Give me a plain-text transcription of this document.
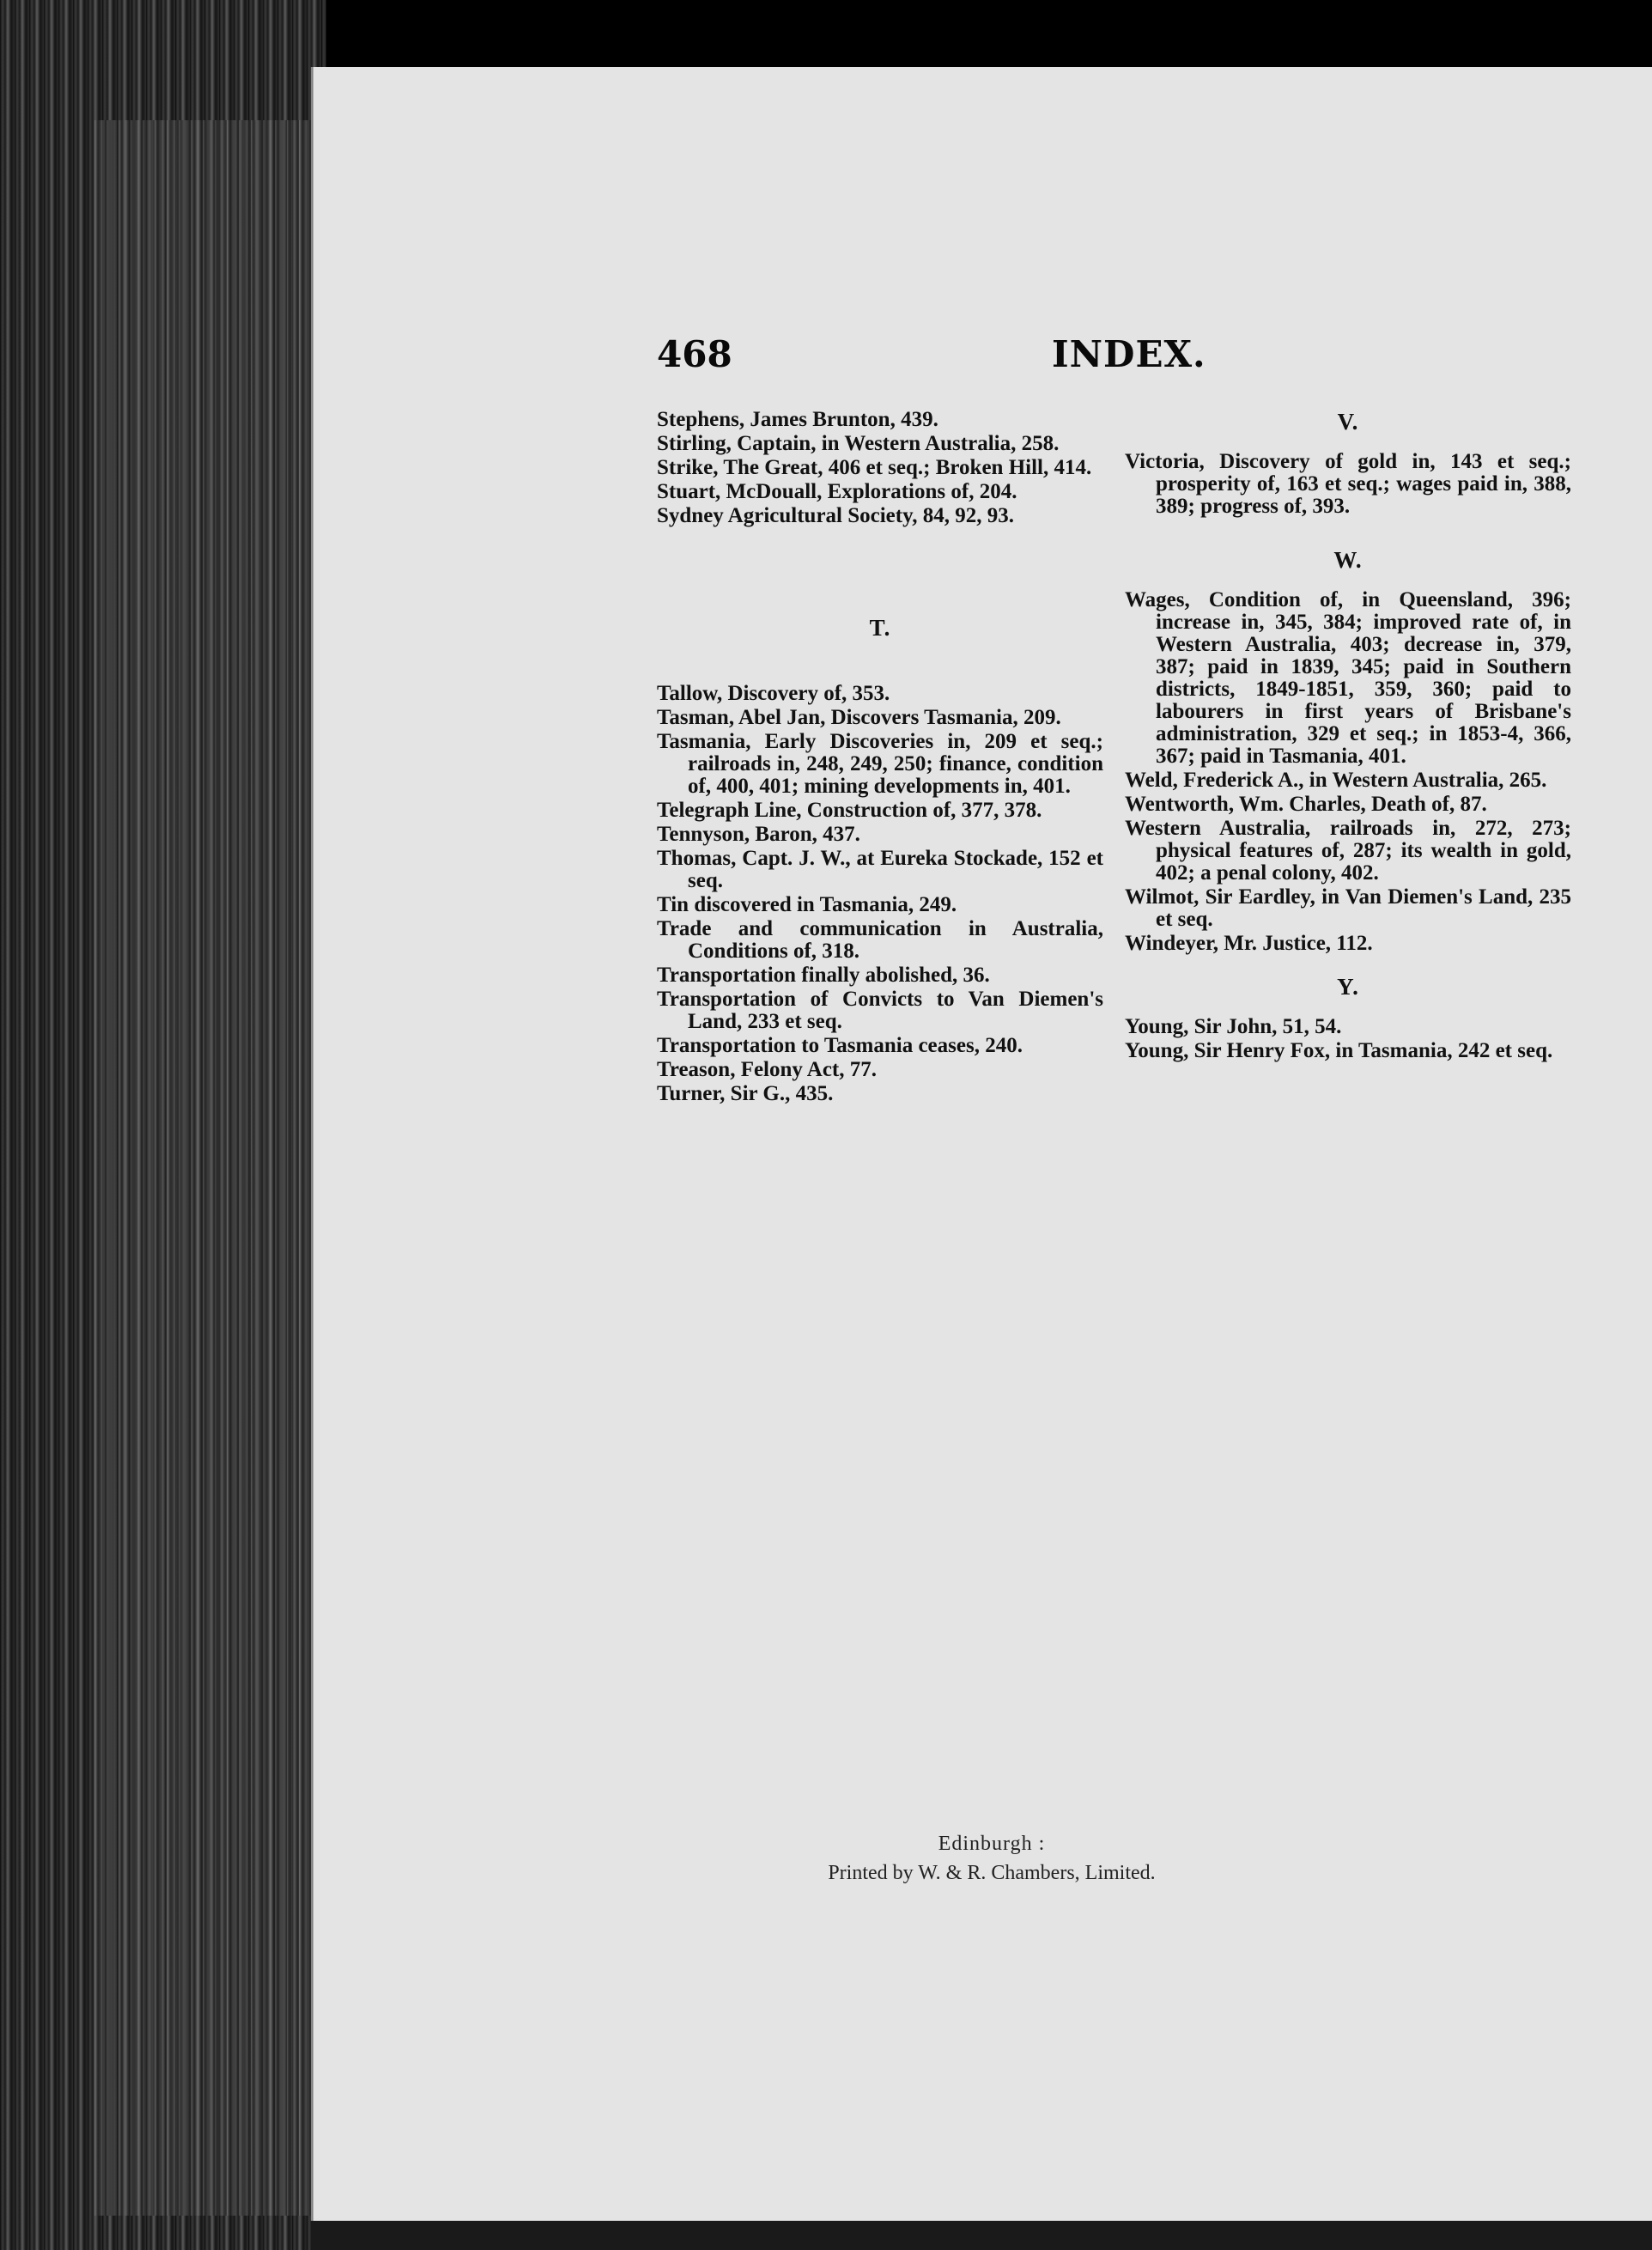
468	INDEX.

Stephens, James Brunton, 439.

Stirling, Captain, in Western Australia, 258.

Strike, The Great, 406 et seq.; Broken Hill, 414.

Stuart, McDouall, Explorations of, 204.

Sydney Agricultural Society, 84, 92, 93.

T.

Tallow, Discovery of, 353.

Tasman, Abel Jan, Discovers Tasmania, 209.

Tasmania, Early Discoveries in, 209 et seq.; railroads in, 248, 249, 250; finance, condition of, 400, 401; mining developments in, 401.

Telegraph Line, Construction of, 377, 378.

Tennyson, Baron, 437.

Thomas, Capt. J. W., at Eureka Stockade, 152 et seq.

Tin discovered in Tasmania, 249.

Trade and communication in Australia, Conditions of, 318.

Transportation finally abolished, 36.

Transportation of Convicts to Van Diemen's Land, 233 et seq.

Transportation to Tasmania ceases, 240.

Treason, Felony Act, 77.

Turner, Sir G., 435.

V.

Victoria, Discovery of gold in, 143 et seq.; prosperity of, 163 et seq.; wages paid in, 388, 389; progress of, 393.

W.

Wages, Condition of, in Queensland, 396; increase in, 345, 384; improved rate of, in Western Australia, 403; decrease in, 379, 387; paid in 1839, 345; paid in Southern districts, 1849-1851, 359, 360; paid to labourers in first years of Brisbane's administration, 329 et seq.; in 1853-4, 366, 367; paid in Tasmania, 401.

Weld, Frederick A., in Western Australia, 265.

Wentworth, Wm. Charles, Death of, 87.

Western Australia, railroads in, 272, 273; physical features of, 287; its wealth in gold, 402; a penal colony, 402.

Wilmot, Sir Eardley, in Van Diemen's Land, 235 et seq.

Windeyer, Mr. Justice, 112.

Y.

Young, Sir John, 51, 54.

Young, Sir Henry Fox, in Tasmania, 242 et seq.

Edinburgh :
Printed by W. & R. Chambers, Limited.
